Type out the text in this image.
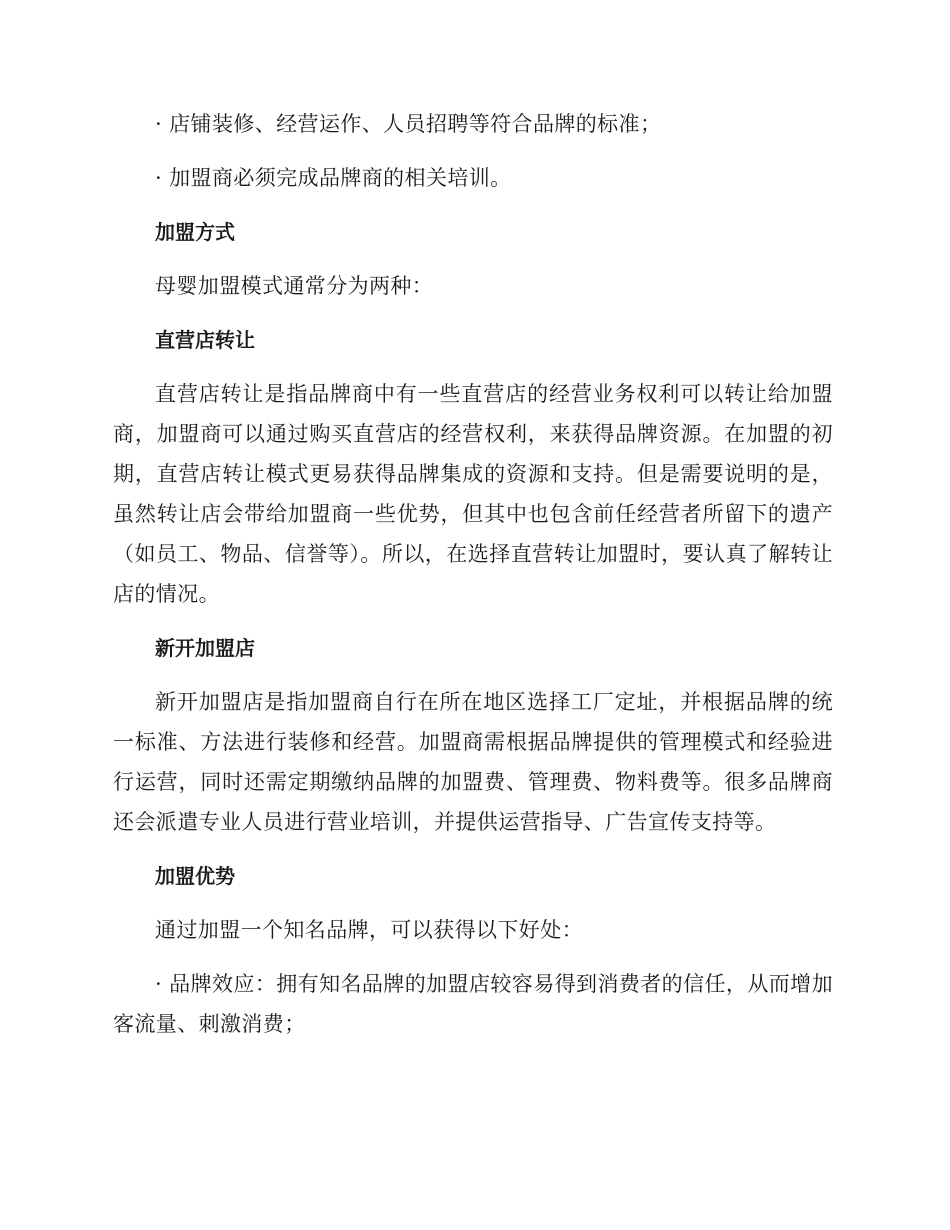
· 店铺装修、经营运作、人员招聘等符合品牌的标准；

· 加盟商必须完成品牌商的相关培训。

加盟方式

母婴加盟模式通常分为两种：

直营店转让

直营店转让是指品牌商中有一些直营店的经营业务权利可以转让给加盟商，加盟商可以通过购买直营店的经营权利，来获得品牌资源。在加盟的初期，直营店转让模式更易获得品牌集成的资源和支持。但是需要说明的是，虽然转让店会带给加盟商一些优势，但其中也包含前任经营者所留下的遗产（如员工、物品、信誉等）。所以，在选择直营转让加盟时，要认真了解转让店的情况。

新开加盟店

新开加盟店是指加盟商自行在所在地区选择工厂定址，并根据品牌的统一标准、方法进行装修和经营。加盟商需根据品牌提供的管理模式和经验进行运营，同时还需定期缴纳品牌的加盟费、管理费、物料费等。很多品牌商还会派遣专业人员进行营业培训，并提供运营指导、广告宣传支持等。

加盟优势

通过加盟一个知名品牌，可以获得以下好处：

· 品牌效应：拥有知名品牌的加盟店较容易得到消费者的信任，从而增加客流量、刺激消费；
